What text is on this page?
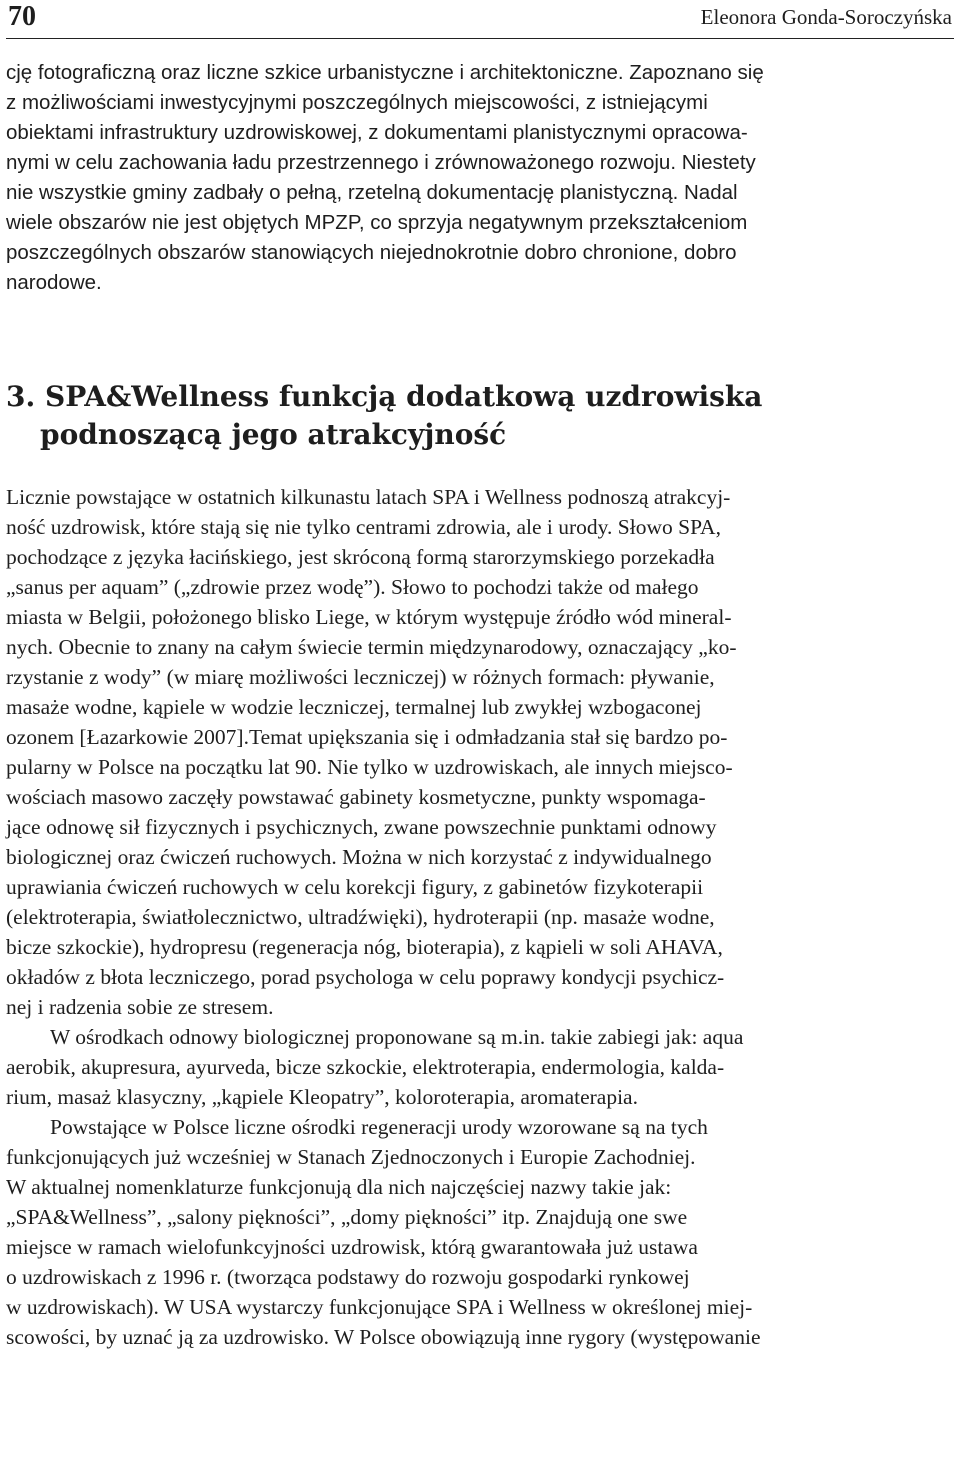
70	Eleonora Gonda-Soroczyńska
cję fotograficzną oraz liczne szkice urbanistyczne i architektoniczne. Zapoznano się
z możliwościami inwestycyjnymi poszczególnych miejscowości, z istniejącymi
obiektami infrastruktury uzdrowiskowej, z dokumentami planistycznymi opracowa-
nymi w celu zachowania ładu przestrzennego i zrównoważonego rozwoju. Niestety
nie wszystkie gminy zadbały o pełną, rzetelną dokumentację planistyczną. Nadal
wiele obszarów nie jest objętych MPZP, co sprzyja negatywnym przekształceniom
poszczególnych obszarów stanowiących niejednokrotnie dobro chronione, dobro
narodowe.
3. SPA&Wellness funkcją dodatkową uzdrowiska
podnoszącą jego atrakcyjność
Licznie powstające w ostatnich kilkunastu latach SPA i Wellness podnoszą atrakcyj-
ność uzdrowisk, które stają się nie tylko centrami zdrowia, ale i urody. Słowo SPA,
pochodzące z języka łacińskiego, jest skróconą formą starorzymskiego porzekadła
„sanus per aquam” („zdrowie przez wodę”). Słowo to pochodzi także od małego
miasta w Belgii, położonego blisko Liege, w którym występuje źródło wód mineral-
nych. Obecnie to znany na całym świecie termin międzynarodowy, oznaczający „ko-
rzystanie z wody” (w miarę możliwości leczniczej) w różnych formach: pływanie,
masaże wodne, kąpiele w wodzie leczniczej, termalnej lub zwykłej wzbogaconej
ozonem [Łazarkowie 2007].Temat upiększania się i odmładzania stał się bardzo po-
pularny w Polsce na początku lat 90. Nie tylko w uzdrowiskach, ale innych miejsco-
wościach masowo zaczęły powstawać gabinety kosmetyczne, punkty wspomaga-
jące odnowę sił fizycznych i psychicznych, zwane powszechnie punktami odnowy
biologicznej oraz ćwiczeń ruchowych. Można w nich korzystać z indywidualnego
uprawiania ćwiczeń ruchowych w celu korekcji figury, z gabinetów fizykoterapii
(elektroterapia, światłolecznictwo, ultradźwięki), hydroterapii (np. masaże wodne,
bicze szkockie), hydropresu (regeneracja nóg, bioterapia), z kąpieli w soli AHAVA,
okładów z błota leczniczego, porad psychologa w celu poprawy kondycji psychicz-
nej i radzenia sobie ze stresem.
W ośrodkach odnowy biologicznej proponowane są m.in. takie zabiegi jak: aqua
aerobik, akupresura, ayurveda, bicze szkockie, elektroterapia, endermologia, kalda-
rium, masaż klasyczny, „kąpiele Kleopatry”, koloroterapia, aromaterapia.
Powstające w Polsce liczne ośrodki regeneracji urody wzorowane są na tych
funkcjonujących już wcześniej w Stanach Zjednoczonych i Europie Zachodniej.
W aktualnej nomenklaturze funkcjonują dla nich najczęściej nazwy takie jak:
„SPA&Wellness”, „salony piękności”, „domy piękności” itp. Znajdują one swe
miejsce w ramach wielofunkcyjności uzdrowisk, którą gwarantowała już ustawa
o uzdrowiskach z 1996 r. (tworząca podstawy do rozwoju gospodarki rynkowej
w uzdrowiskach). W USA wystarczy funkcjonujące SPA i Wellness w określonej miej-
scowości, by uznać ją za uzdrowisko. W Polsce obowiązują inne rygory (występowanie
